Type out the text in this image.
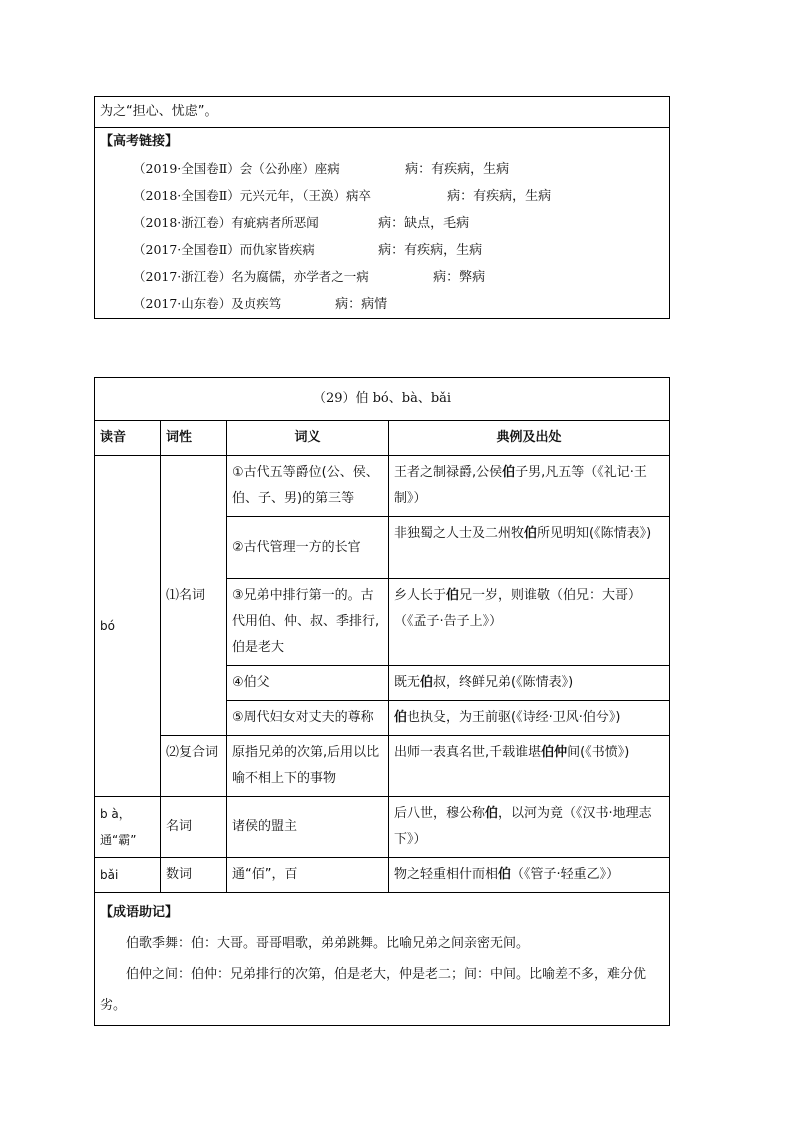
为之“担心、忧虑”。
【高考链接】
（2019·全国卷Ⅱ）会（公孙座）座病	病：有疾病，生病
（2018·全国卷Ⅱ）元兴元年，（王涣）病卒	病：有疾病，生病
（2018·浙江卷）有疵病者所恶闻	病：缺点，毛病
（2017·全国卷Ⅱ）而仇家皆疾病	病：有疾病，生病
（2017·浙江卷）名为腐儒，亦学者之一病	病：弊病
（2017·山东卷）及贞疾笃	病：病情
（29）伯 bó、bà、bǎi			
读音	词性	词义	典例及出处
bó	⑴名词	①古代五等爵位(公、侯、伯、子、男)的第三等	王者之制禄爵,公侯伯子男,凡五等（《礼记·王制》）
		②古代管理一方的长官	非独蜀之人士及二州牧伯所见明知(《陈情表》)
		③兄弟中排行第一的。古代用伯、仲、叔、季排行,伯是老大	乡人长于伯兄一岁，则谁敬（伯兄：大哥）（《孟子·告子上》）
		④伯父	既无伯叔，终鲜兄弟(《陈情表》)
		⑤周代妇女对丈夫的尊称	伯也执殳，为王前驱(《诗经·卫风·伯兮》)
	⑵复合词	原指兄弟的次第,后用以比喻不相上下的事物	出师一表真名世,千载谁堪伯仲间(《书愤》)
b à，通“霸”	名词	诸侯的盟主	后八世，穆公称伯，以河为竟（《汉书·地理志下》）
bǎi	数词	通“佰”，百	物之轻重相什而相伯（《管子·轻重乙》）

【成语助记】
伯歌季舞：伯：大哥。哥哥唱歌，弟弟跳舞。比喻兄弟之间亲密无间。
伯仲之间：伯仲：兄弟排行的次第，伯是老大，仲是老二；间：中间。比喻差不多，难分优劣。			
